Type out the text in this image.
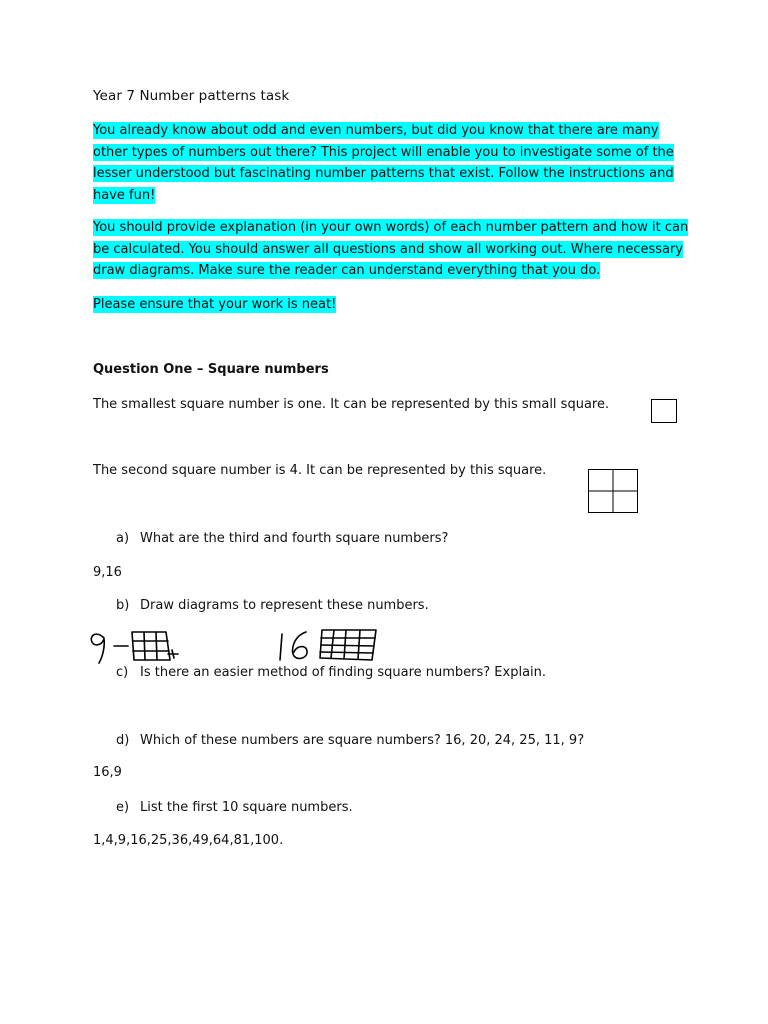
Year 7 Number patterns task
You already know about odd and even numbers, but did you know that there are many other types of numbers out there? This project will enable you to investigate some of the lesser understood but fascinating number patterns that exist. Follow the instructions and have fun!
You should provide explanation (in your own words) of each number pattern and how it can be calculated. You should answer all questions and show all working out. Where necessary draw diagrams. Make sure the reader can understand everything that you do.
Please ensure that your work is neat!
Question One – Square numbers
The smallest square number is one. It can be represented by this small square.
The second square number is 4. It can be represented by this square.
a) What are the third and fourth square numbers?
9,16
b) Draw diagrams to represent these numbers.
c) Is there an easier method of finding square numbers? Explain.
d) Which of these numbers are square numbers? 16, 20, 24, 25, 11, 9?
16,9
e) List the first 10 square numbers.
1,4,9,16,25,36,49,64,81,100.
